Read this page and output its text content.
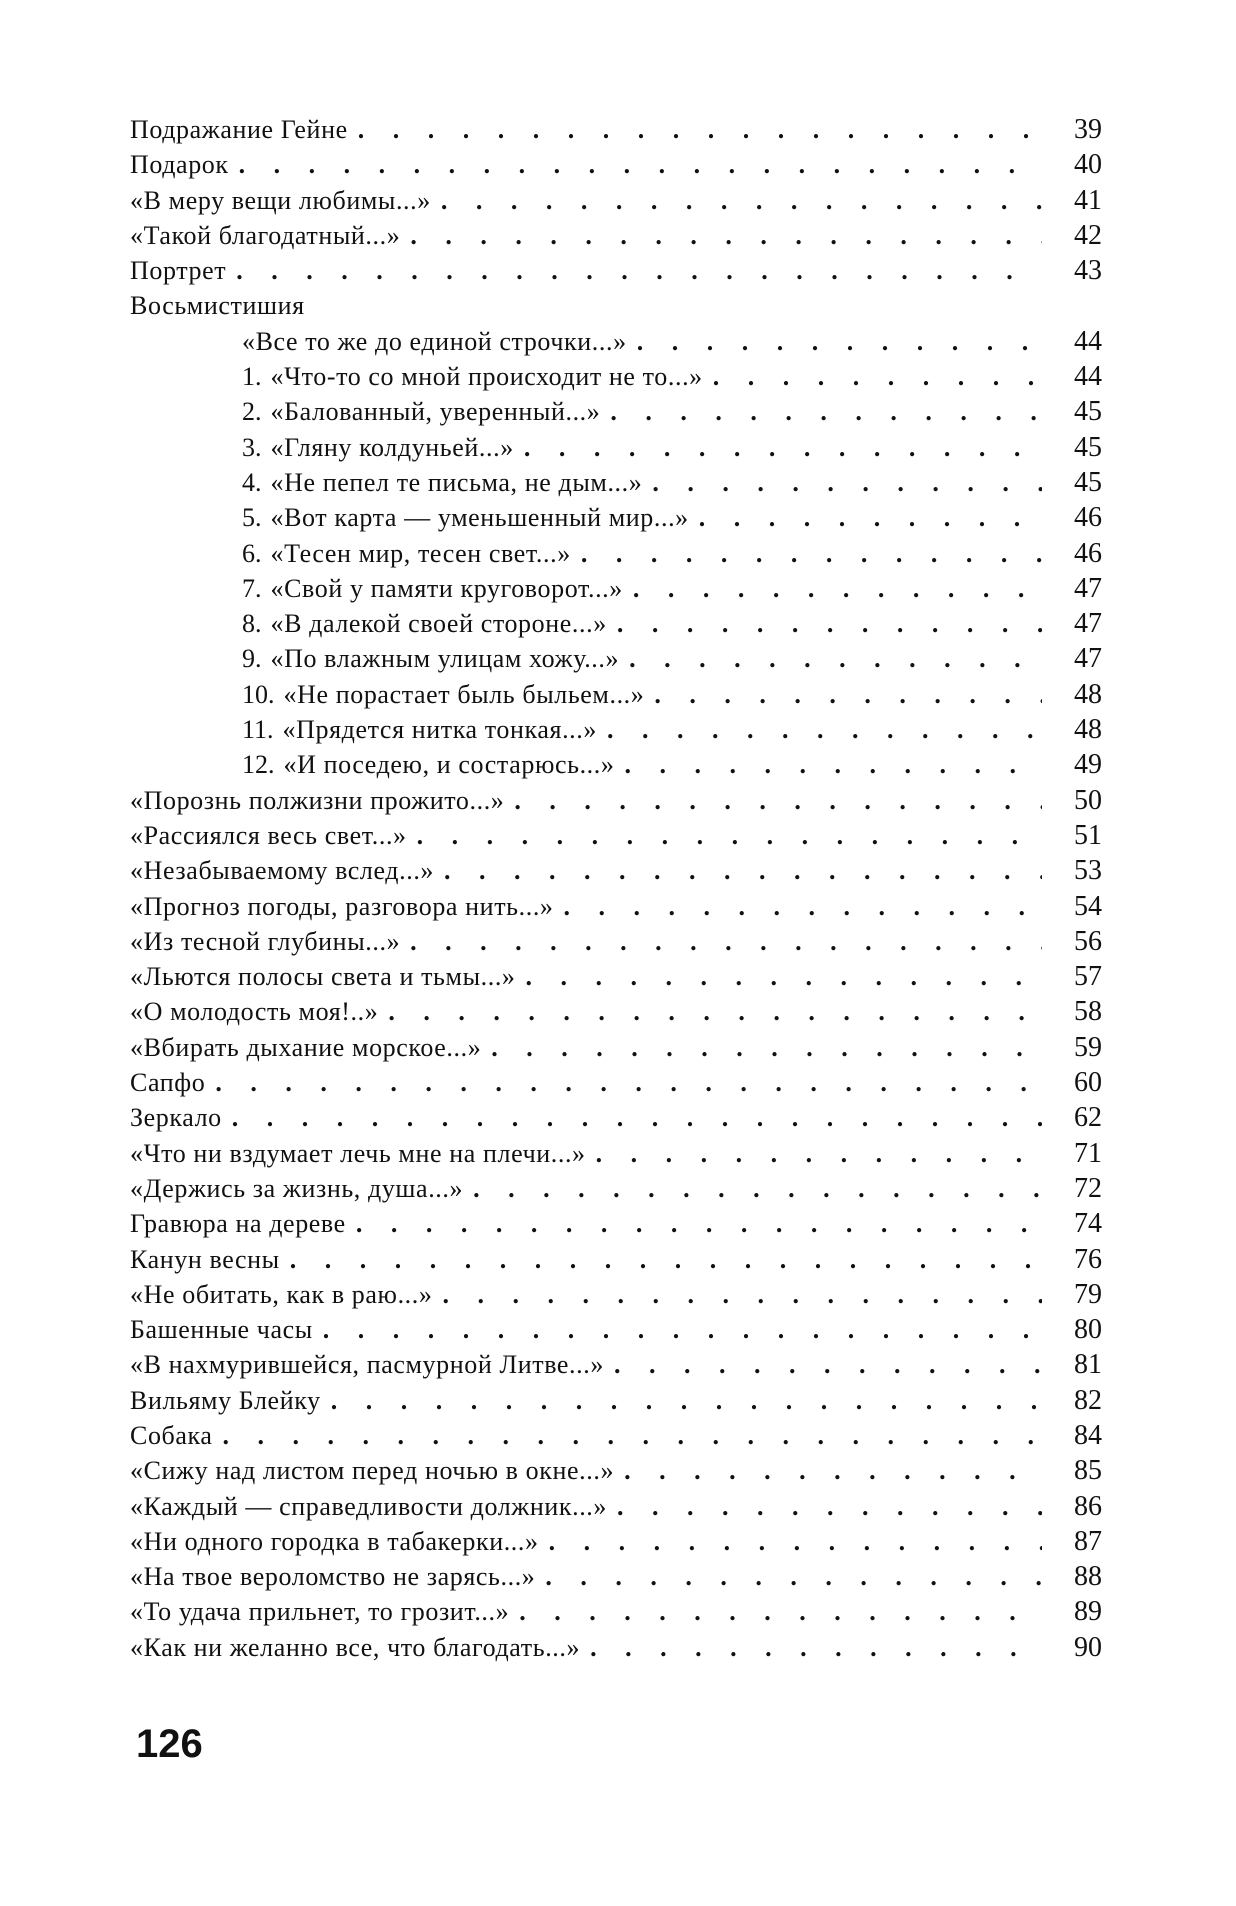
Подражание Гейне . . .	39
Подарок . . .	40
«В меру вещи любимы...» . . .	41
«Такой благодатный...» . . .	42
Портрет . . .	43
Восьмистишия
«Все то же до единой строчки...» . . .	44
1. «Что-то со мной происходит не то...» . . .	44
2. «Балованный, уверенный...» . . .	45
3. «Гляну колдуньей...» . . .	45
4. «Не пепел те письма, не дым...» . . .	45
5. «Вот карта — уменьшенный мир...» . . .	46
6. «Тесен мир, тесен свет...» . . .	46
7. «Свой у памяти круговорот...» . . .	47
8. «В далекой своей стороне...» . . .	47
9. «По влажным улицам хожу...» . . .	47
10. «Не порастает быль быльем...» . . .	48
11. «Прядется нитка тонкая...» . . .	48
12. «И поседею, и состарюсь...» . . .	49
«Порознь полжизни прожито...» . . .	50
«Рассиялся весь свет...» . . .	51
«Незабываемому вслед...» . . .	53
«Прогноз погоды, разговора нить...» . . .	54
«Из тесной глубины...» . . .	56
«Льются полосы света и тьмы...» . . .	57
«О молодость моя!..» . . .	58
«Вбирать дыхание морское...» . . .	59
Сапфо . . .	60
Зеркало . . .	62
«Что ни вздумает лечь мне на плечи...» . . .	71
«Держись за жизнь, душа...» . . .	72
Гравюра на дереве . . .	74
Канун весны . . .	76
«Не обитать, как в раю...» . . .	79
Башенные часы . . .	80
«В нахмурившейся, пасмурной Литве...» . . .	81
Вильяму Блейку . . .	82
Собака . . .	84
«Сижу над листом перед ночью в окне...» . . .	85
«Каждый — справедливости должник...» . . .	86
«Ни одного городка в табакерки...» . . .	87
«На твое вероломство не зарясь...» . . .	88
«То удача прильнет, то грозит...» . . .	89
«Как ни желанно все, что благодать...» . . .	90
126
